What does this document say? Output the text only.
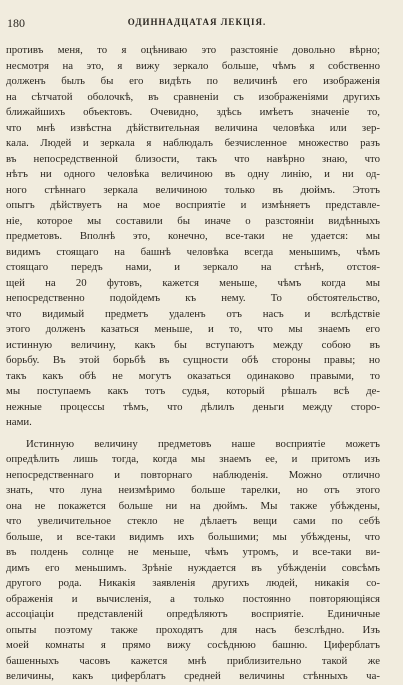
180	ОДИННАДЦАТАЯ ЛЕКЦІЯ.
противъ меня, то я оцѣниваю это разстояніе довольно вѣрно;
несмотря на это, я вижу зеркало больше, чѣмъ я собственно
долженъ былъ бы его видѣть по величинѣ его изображенія
на сѣтчатой оболочкѣ, въ сравненіи съ изображеніями другихъ
ближайшихъ объектовъ. Очевидно, здѣсь имѣетъ значеніе то,
что мнѣ извѣстна дѣйствительная величина человѣка или зер-
кала. Людей и зеркала я наблюдалъ безчисленное множество разъ
въ непосредственной близости, такъ что навѣрно знаю, что
нѣтъ ни одного человѣка величиною въ одну линію, и ни од-
ного стѣннаго зеркала величиною только въ дюймъ. Этотъ
опытъ дѣйствуетъ на мое восприятіе и измѣняетъ представле-
ніе, которое мы составили бы иначе о разстояніи видѣнныхъ
предметовъ. Вполнѣ это, конечно, все-таки не удается: мы
видимъ стоящаго на башнѣ человѣка всегда меньшимъ, чѣмъ
стоящаго передъ нами, и зеркало на стѣнѣ, отстоя-
щей на 20 футовъ, кажется меньше, чѣмъ когда мы
непосредственно подойдемъ къ нему. То обстоятельство,
что видимый предметъ удаленъ отъ насъ и вслѣдствіе
этого долженъ казаться меньше, и то, что мы знаемъ его
истинную величину, какъ бы вступаютъ между собою въ
борьбу. Въ этой борьбѣ въ сущности обѣ стороны правы; но
такъ какъ обѣ не могутъ оказаться одинаково правыми, то
мы поступаемъ какъ тотъ судья, который рѣшалъ всѣ де-
нежные процессы тѣмъ, что дѣлилъ деньги между сторо-
нами.
Истинную величину предметовъ наше восприятіе можетъ
опредѣлить лишь тогда, когда мы знаемъ ее, и притомъ изъ
непосредственнаго и повторнаго наблюденія. Можно отлично
знать, что луна неизмѣримо больше тарелки, но отъ этого
она не покажется больше ни на дюймъ. Мы также убѣждены,
что увеличительное стекло не дѣлаетъ вещи сами по себѣ
больше, и все-таки видимъ ихъ большими; мы убѣждены, что
въ полдень солнце не меньше, чѣмъ утромъ, и все-таки ви-
димъ его меньшимъ. Зрѣніе нуждается въ убѣжденіи совсѣмъ
другого рода. Никакія заявленія другихъ людей, никакія со-
ображенія и вычисленія, а только постоянно повторяющіяся
ассоціаціи представленій опредѣляютъ восприятіе. Единичные
опыты поэтому также проходятъ для насъ безслѣдно. Изъ
моей комнаты я прямо вижу сосѣднюю башню. Циферблатъ
башенныхъ часовъ кажется мнѣ приблизительно такой же
величины, какъ циферблатъ средней величины стѣнныхъ ча-
